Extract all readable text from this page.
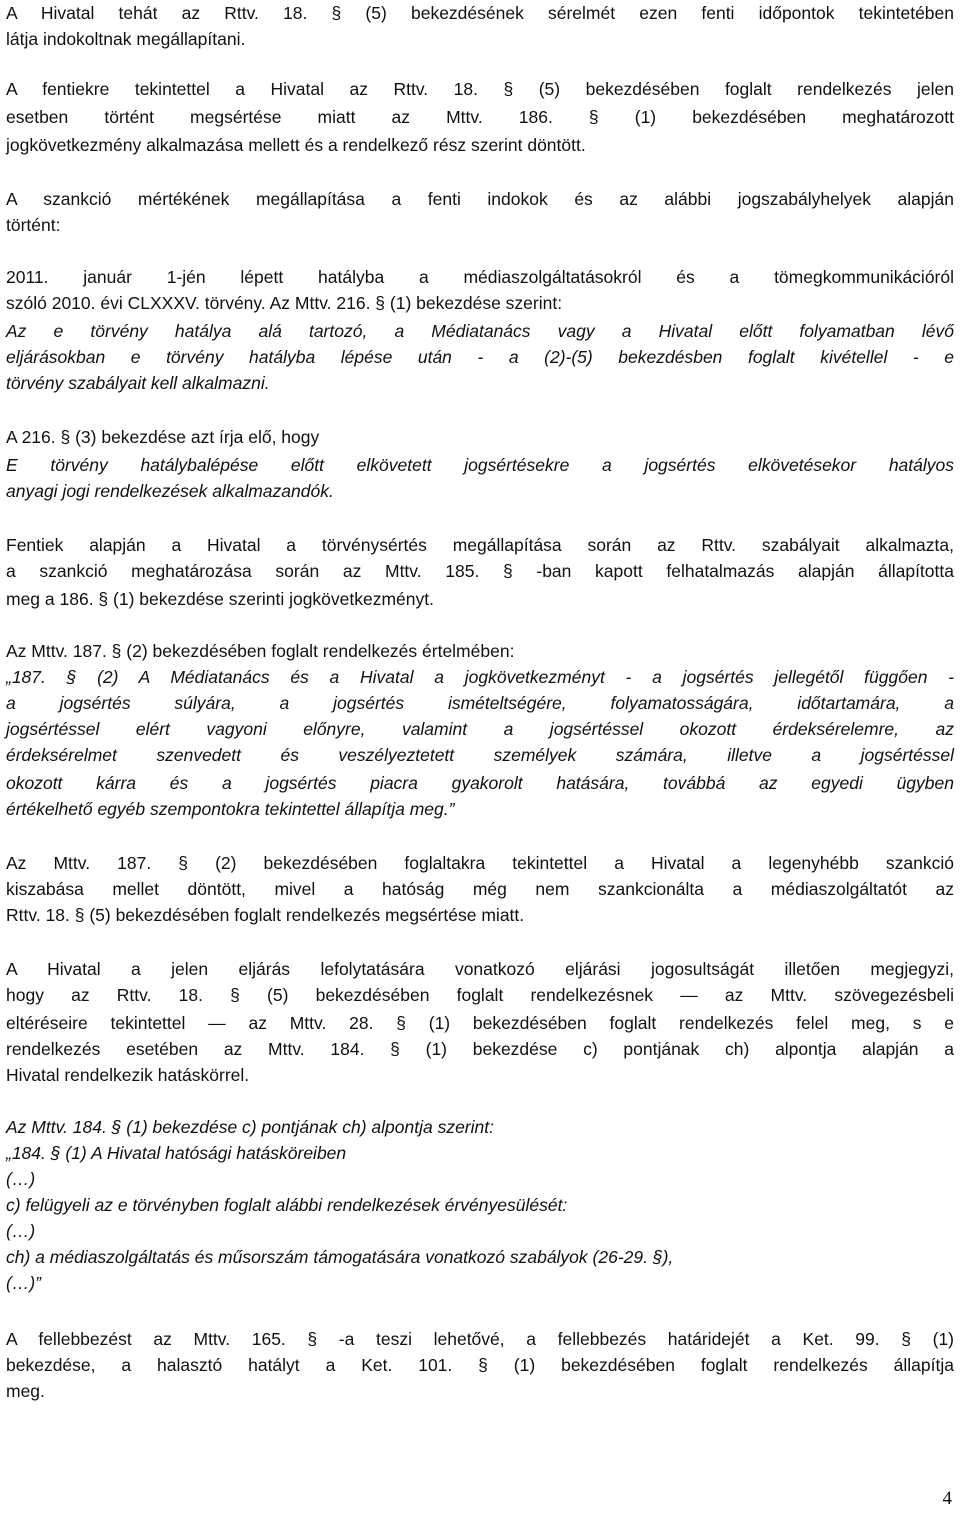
A Hivatal tehát az Rttv. 18. § (5) bekezdésének sérelmét ezen fenti időpontok tekintetében
látja indokoltnak megállapítani.
A fentiekre tekintettel a Hivatal az Rttv. 18. § (5) bekezdésében foglalt rendelkezés jelen
esetben történt megsértése miatt az Mttv. 186. § (1) bekezdésében meghatározott
jogkövetkezmény alkalmazása mellett és a rendelkező rész szerint döntött.
A szankció mértékének megállapítása a fenti indokok és az alábbi jogszabályhelyek alapján
történt:
2011. január 1-jén lépett hatályba a médiaszolgáltatásokról és a tömegkommunikációról
szóló 2010. évi CLXXXV. törvény. Az Mttv. 216. § (1) bekezdése szerint:
Az e törvény hatálya alá tartozó, a Médiatanács vagy a Hivatal előtt folyamatban lévő
eljárásokban e törvény hatályba lépése után - a (2)-(5) bekezdésben foglalt kivétellel - e
törvény szabályait kell alkalmazni.
A 216. § (3) bekezdése azt írja elő, hogy
E törvény hatálybalépése előtt elkövetett jogsértésekre a jogsértés elkövetésekor hatályos
anyagi jogi rendelkezések alkalmazandók.
Fentiek alapján a Hivatal a törvénysértés megállapítása során az Rttv. szabályait alkalmazta,
a szankció meghatározása során az Mttv. 185. § -ban kapott felhatalmazás alapján állapította
meg a 186. § (1) bekezdése szerinti jogkövetkezményt.
Az Mttv. 187. § (2) bekezdésében foglalt rendelkezés értelmében:
„187. § (2) A Médiatanács és a Hivatal a jogkövetkezményt - a jogsértés jellegétől függően -
a jogsértés súlyára, a jogsértés ismételtségére, folyamatosságára, időtartamára, a
jogsértéssel elért vagyoni előnyre, valamint a jogsértéssel okozott érdeksérelemre, az
érdeksérelmet szenvedett és veszélyeztetett személyek számára, illetve a jogsértéssel
okozott kárra és a jogsértés piacra gyakorolt hatására, továbbá az egyedi ügyben
értékelhető egyéb szempontokra tekintettel állapítja meg.”
Az Mttv. 187. § (2) bekezdésében foglaltakra tekintettel a Hivatal a legenyhébb szankció
kiszabása mellet döntött, mivel a hatóság még nem szankcionálta a médiaszolgáltatót az
Rttv. 18. § (5) bekezdésében foglalt rendelkezés megsértése miatt.
A Hivatal a jelen eljárás lefolytatására vonatkozó eljárási jogosultságát illetően megjegyzi,
hogy az Rttv. 18. § (5) bekezdésében foglalt rendelkezésnek — az Mttv. szövegezésbeli
eltéréseire tekintettel — az Mttv. 28. § (1) bekezdésében foglalt rendelkezés felel meg, s e
rendelkezés esetében az Mttv. 184. § (1) bekezdése c) pontjának ch) alpontja alapján a
Hivatal rendelkezik hatáskörrel.
Az Mttv. 184. § (1) bekezdése c) pontjának ch) alpontja szerint:
„184. § (1) A Hivatal hatósági hatásköreiben
(…)
c) felügyeli az e törvényben foglalt alábbi rendelkezések érvényesülését:
(…)
ch) a médiaszolgáltatás és műsorszám támogatására vonatkozó szabályok (26-29. §),
(…)”
A fellebbezést az Mttv. 165. § -a teszi lehetővé, a fellebbezés határidejét a Ket. 99. § (1)
bekezdése, a halasztó hatályt a Ket. 101. § (1) bekezdésében foglalt rendelkezés állapítja
meg.
4
